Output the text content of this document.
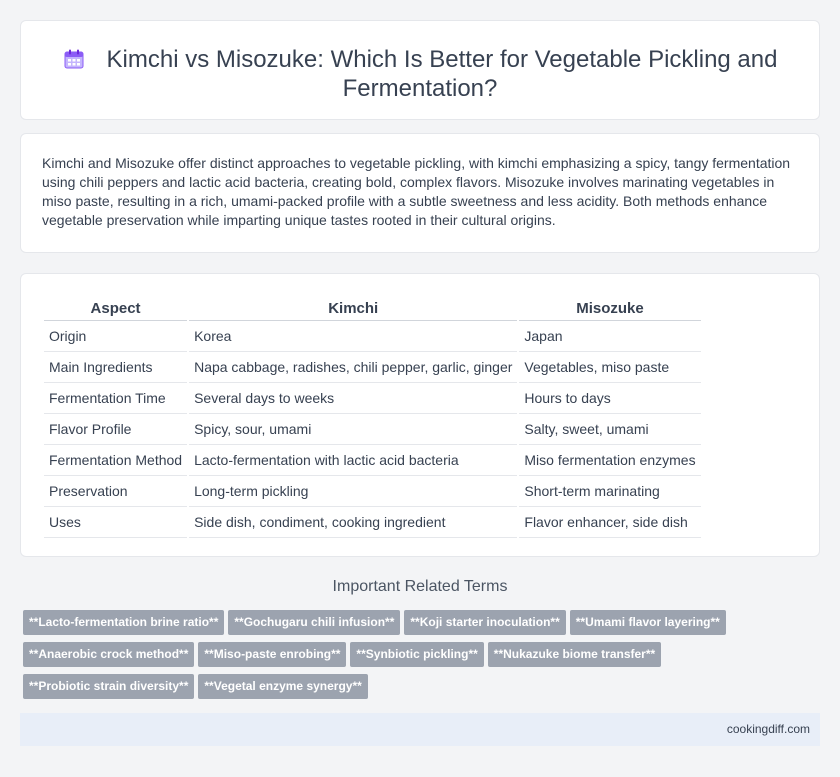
Kimchi vs Misozuke: Which Is Better for Vegetable Pickling and Fermentation?

Kimchi and Misozuke offer distinct approaches to vegetable pickling, with kimchi emphasizing a spicy, tangy fermentation using chili peppers and lactic acid bacteria, creating bold, complex flavors. Misozuke involves marinating vegetables in miso paste, resulting in a rich, umami-packed profile with a subtle sweetness and less acidity. Both methods enhance vegetable preservation while imparting unique tastes rooted in their cultural origins.

Aspect	Kimchi	Misozuke
Origin	Korea	Japan
Main Ingredients	Napa cabbage, radishes, chili pepper, garlic, ginger	Vegetables, miso paste
Fermentation Time	Several days to weeks	Hours to days
Flavor Profile	Spicy, sour, umami	Salty, sweet, umami
Fermentation Method	Lacto-fermentation with lactic acid bacteria	Miso fermentation enzymes
Preservation	Long-term pickling	Short-term marinating
Uses	Side dish, condiment, cooking ingredient	Flavor enhancer, side dish
Important Related Terms
**Lacto-fermentation brine ratio** **Gochugaru chili infusion** **Koji starter inoculation** **Umami flavor layering**
**Anaerobic crock method** **Miso-paste enrobing** **Synbiotic pickling** **Nukazuke biome transfer**
**Probiotic strain diversity** **Vegetal enzyme synergy**
cookingdiff.com
